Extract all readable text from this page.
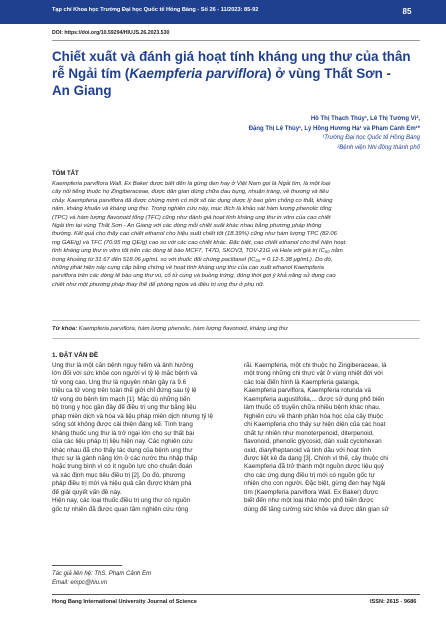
Tạp chí Khoa học Trường Đại học Quốc tế Hồng Bàng - Số 26 - 11/2023: 85-92	85
DOI: https://doi.org/10.59294/HIUJS.26.2023.530
Chiết xuất và đánh giá hoạt tính kháng ung thư của thân rễ Ngải tím (Kaempferia parviflora) ở vùng Thất Sơn - An Giang
Hồ Thị Thạch Thúy¹, Lê Thị Tường Vi²,
Đặng Thị Lệ Thủy¹, Lý Hồng Hương Hạ¹ và Phạm Cảnh Em¹*
¹Trường Đại học Quốc tế Hồng Bàng
²Bệnh viện Nhi đồng thành phố
TÓM TẮT
Kaempferia parviflora Wall. Ex Baker được biết đến là gừng đen hay ở Việt Nam gọi là Ngải tím, là một loại
cây nổi tiếng thuộc họ Zingiberaceae, được dân gian dùng chữa đau bụng, nhuận tràng, về thương và tiêu
chảy. Kaempferia parviflora đã được chứng minh có một số tác dụng dược lý bao gồm chống co thắt, kháng
nấm, kháng khuẩn và kháng ung thư. Trong nghiên cứu này, mục đích là khảo sát hàm lượng phenolic tổng
(TPC) và hàm lượng flavonoid tổng (TFC) cũng như đánh giá hoạt tính kháng ung thư in vitro của cao chiết
Ngải tím tại vùng Thất Sơn - An Giang với các dòng mỗi chiết xuất khác nhau bằng phương pháp thông
thường. Kết quả cho thấy cao chiết ethanol cho hiệu suất chiết tốt (18.39%) cũng như hàm lượng TPC (82.06
mg GAE/g) và TFC (70.95 mg QE/g) cao so với các cao chiết khác. Đặc biệt, cao chiết ethanol cho thể hiện hoạt
tính kháng ung thư in vitro tốt trên các dòng tế bào MCF7, T47D, SKOV3, TOV-21G và Hela với giá trị IC₅₀ nằm
trong khoảng từ 31.67 đến 518.06 μg/mL so với thuốc đối chứng paclitaxel (IC₅₀ = 0.12-5.38 μg/mL). Do đó,
những phát hiện này cung cấp bằng chứng về hoạt tính kháng ung thư của cao xuất ethanol Kaempferia
parviflora trên các dòng tế bào ung thư vú, cổ tử cung và buồng trứng, đóng thời gợi ý khả năng sử dụng cao
chiết như một phương pháp thay thế để phòng ngừa và điều trị ung thư ở phụ nữ.
Từ khóa: Kaempferia parviflora, hàm lượng phenolic, hàm lượng flavonoid, kháng ung thư
1. ĐẶT VẤN ĐỀ
Ung thư là một căn bệnh nguy hiểm và ảnh hưởng
lớn đối với sức khỏe con người vì tỷ lệ mắc bệnh và
tử vong cao. Ung thư là nguyên nhân gây ra 9.6
triệu ca tử vong trên toàn thế giới chỉ đứng sau tỷ lệ
tử vong do bệnh tim mạch [1]. Mặc dù những tiến
bộ trong y học gần đây để điều trị ung thư bằng liệu
pháp miễn dịch và hóa và liệu pháp miễn dịch nhưng tỷ lệ
sống sót không được cải thiện đáng kể. Tình trạng
kháng thuốc ung thư là trở ngại lớn cho sự thất bại
của các liệu pháp trị liệu hiện nay. Các nghiên cứu
khác nhau đã cho thấy tác dụng của bệnh ung thư
thực sự là gánh nặng lớn ở các nước thu nhập thấp
hoặc trung bình vì có ít nguồn lực cho chuẩn đoán
và xác định mục tiêu điều trị [2]. Do đó, phương
pháp điều trị mới và hiệu quả cần được khám phá
để giải quyết vấn đề này.
Hiện nay, các loại thuốc điều trị ung thư có nguồn
gốc tự nhiên đã được quan tâm nghiên cứu rộng
rãi. Kaempferia, một chi thuộc họ Zingiberaceae, là
một trong những chi thực vật ở vùng nhiệt đới với
các loài điển hình là Kaempferia galanga,
Kaempferia parviflora, Kaempferia rotunda và
Kaempferia augustifolia,... được sử dụng phổ biến
làm thuốc cổ truyền chữa nhiều bệnh khác nhau.
Nghiên cứu về thành phần hóa học của cây thuộc
chi Kaempferia cho thấy sự hiện diện của các hoạt
chất tự nhiên như monoterpenoid, diterpenoid,
flavonoid, phenolic glycosid, dẫn xuất cyclohexan
oxid, diarylheptanoid và tinh dầu với hoạt tính
được liệt kê đa dạng [3]. Chính vì thế, cây thuộc chi
Kaempferia đã trở thành một nguồn dược liệu quý
cho các ứng dụng điều trị mới có nguồn gốc tự
nhiên cho con người. Đặc biệt, gừng đen hay Ngải
tím (Kaempferia parviflora Wall. Ex Baker) được
biết đến như một loại thảo mộc phổ biến được
dùng để tăng cường sức khỏe và được dân gian sử
Tác giả liên hệ: ThS. Phạm Cảnh Em
Email: empc@hiu.vn
Hong Bang International University Journal of Science	ISSN: 2615 - 9686
